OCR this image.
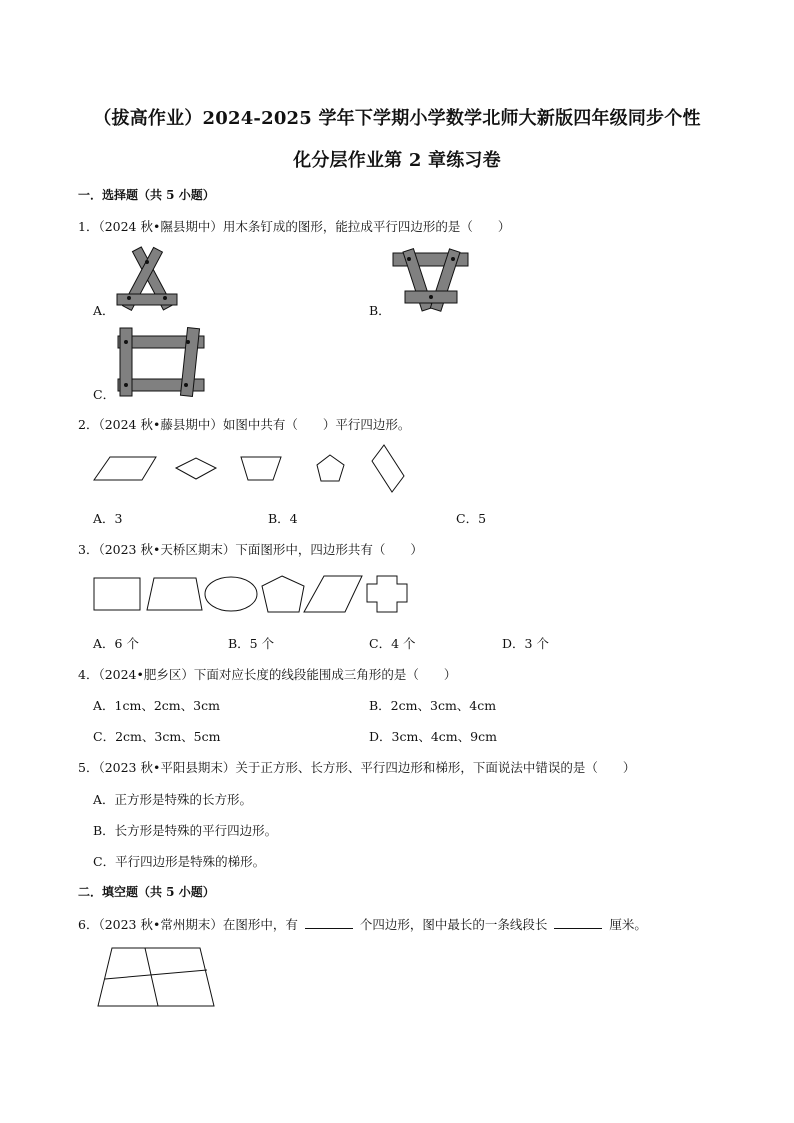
（拔高作业）2024-2025 学年下学期小学数学北师大新版四年级同步个性
化分层作业第 2 章练习卷
一．选择题（共 5 小题）
1．（2024 秋•隰县期中）用木条钉成的图形，能拉成平行四边形的是（　　）
A．	B．
C．
2．（2024 秋•藤县期中）如图中共有（　　）平行四边形。
A．3	B．4	C．5
3．（2023 秋•天桥区期末）下面图形中，四边形共有（　　）
A．6 个	B．5 个	C．4 个	D．3 个
4．（2024•肥乡区）下面对应长度的线段能围成三角形的是（　　）
A．1cm、2cm、3cm	B．2cm、3cm、4cm
C．2cm、3cm、5cm	D．3cm、4cm、9cm
5．（2023 秋•平阳县期末）关于正方形、长方形、平行四边形和梯形，下面说法中错误的是（　　）
A．正方形是特殊的长方形。
B．长方形是特殊的平行四边形。
C．平行四边形是特殊的梯形。
二．填空题（共 5 小题）
6．（2023 秋•常州期末）在图形中，有	个四边形，图中最长的一条线段长	厘米。
